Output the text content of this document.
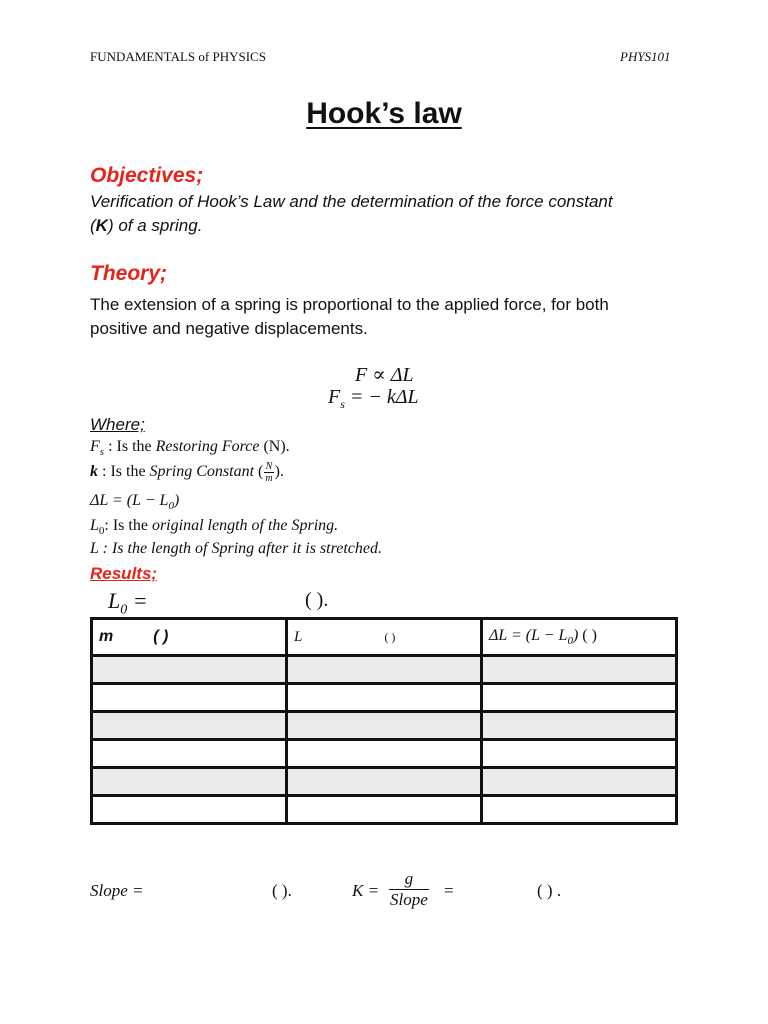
FUNDAMENTALS of PHYSICS	PHYS101
Hook’s law
Objectives;
Verification of Hook’s Law and the determination of the force constant
(K) of a spring.
Theory;
The extension of a spring is proportional to the applied force, for both
positive and negative displacements.
F ∝ ΔL
$F_s$ = − kΔL
Where;
$F_s$ : Is the Restoring Force (N).
k : Is the Spring Constant ( $\frac{N}{m}$ ).
$\Delta L = (L - L_0)$
$L_0$: Is the original length of the Spring.
L : Is the length of Spring after it is stretched.
Results;
$L_0$ =	( ).
m ( )	L ( )	$\Delta L = (L - L_0)$ ( )

Slope =	( ).	$K = \frac{g}{\text{Slope}}$ =	( ) .
